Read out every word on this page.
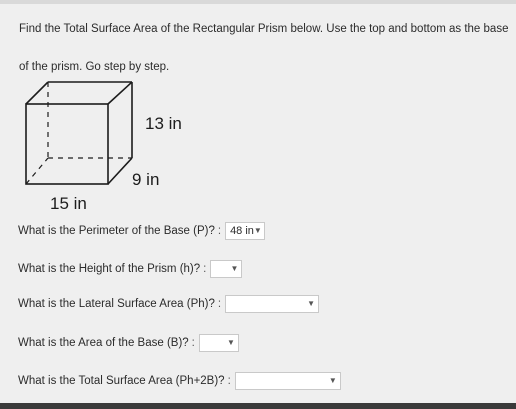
Find the Total Surface Area of the Rectangular Prism below. Use the top and bottom as the base of the prism. Go step by step.

13 in
9 in
15 in
What is the Perimeter of the Base (P)? : 48 in ▼
What is the Height of the Prism (h)? :	▼
What is the Lateral Surface Area (Ph)? :	▼
What is the Area of the Base (B)? :	▼
What is the Total Surface Area (Ph+2B)? :	▼
